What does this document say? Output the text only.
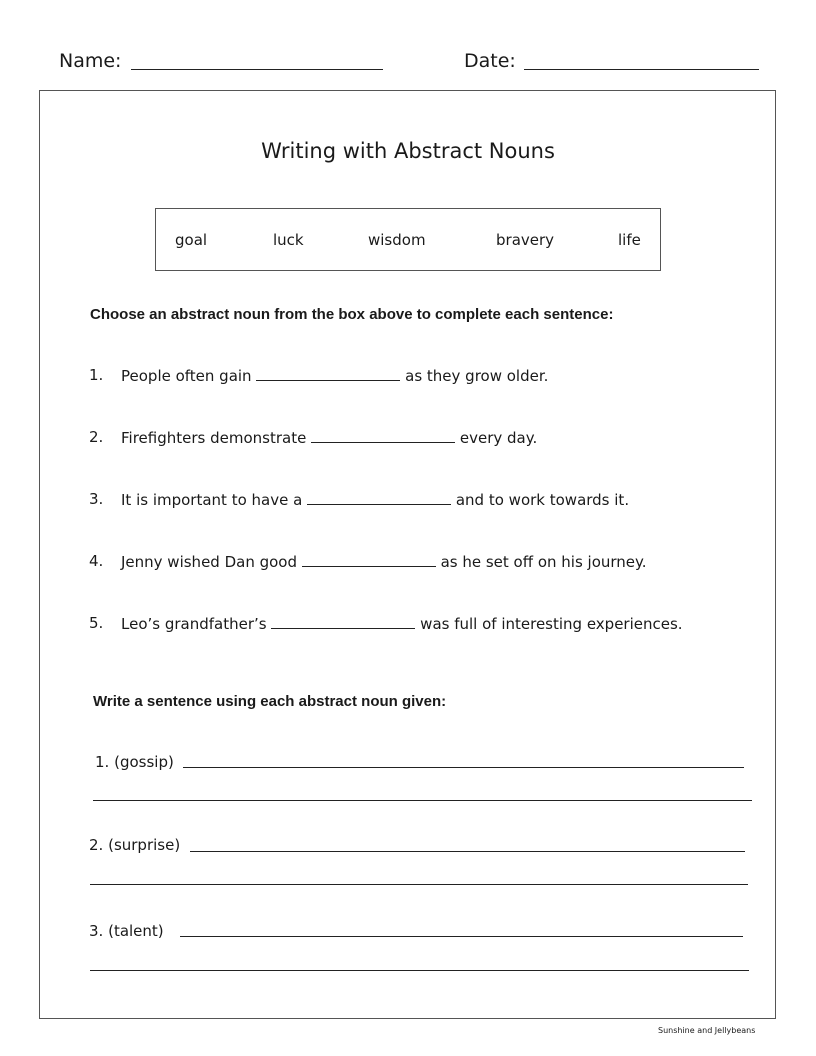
Name:	Date:
Writing with Abstract Nouns
goal	luck	wisdom	bravery	life
Choose an abstract noun from the box above to complete each sentence:
1. People often gain	as they grow older.
2. Firefighters demonstrate	every day.
3. It is important to have a	and to work towards it.
4. Jenny wished Dan good	as he set off on his journey.
5. Leo’s grandfather’s	was full of interesting experiences.
Write a sentence using each abstract noun given:
1. (gossip)
2. (surprise)
3. (talent)
Sunshine and Jellybeans
